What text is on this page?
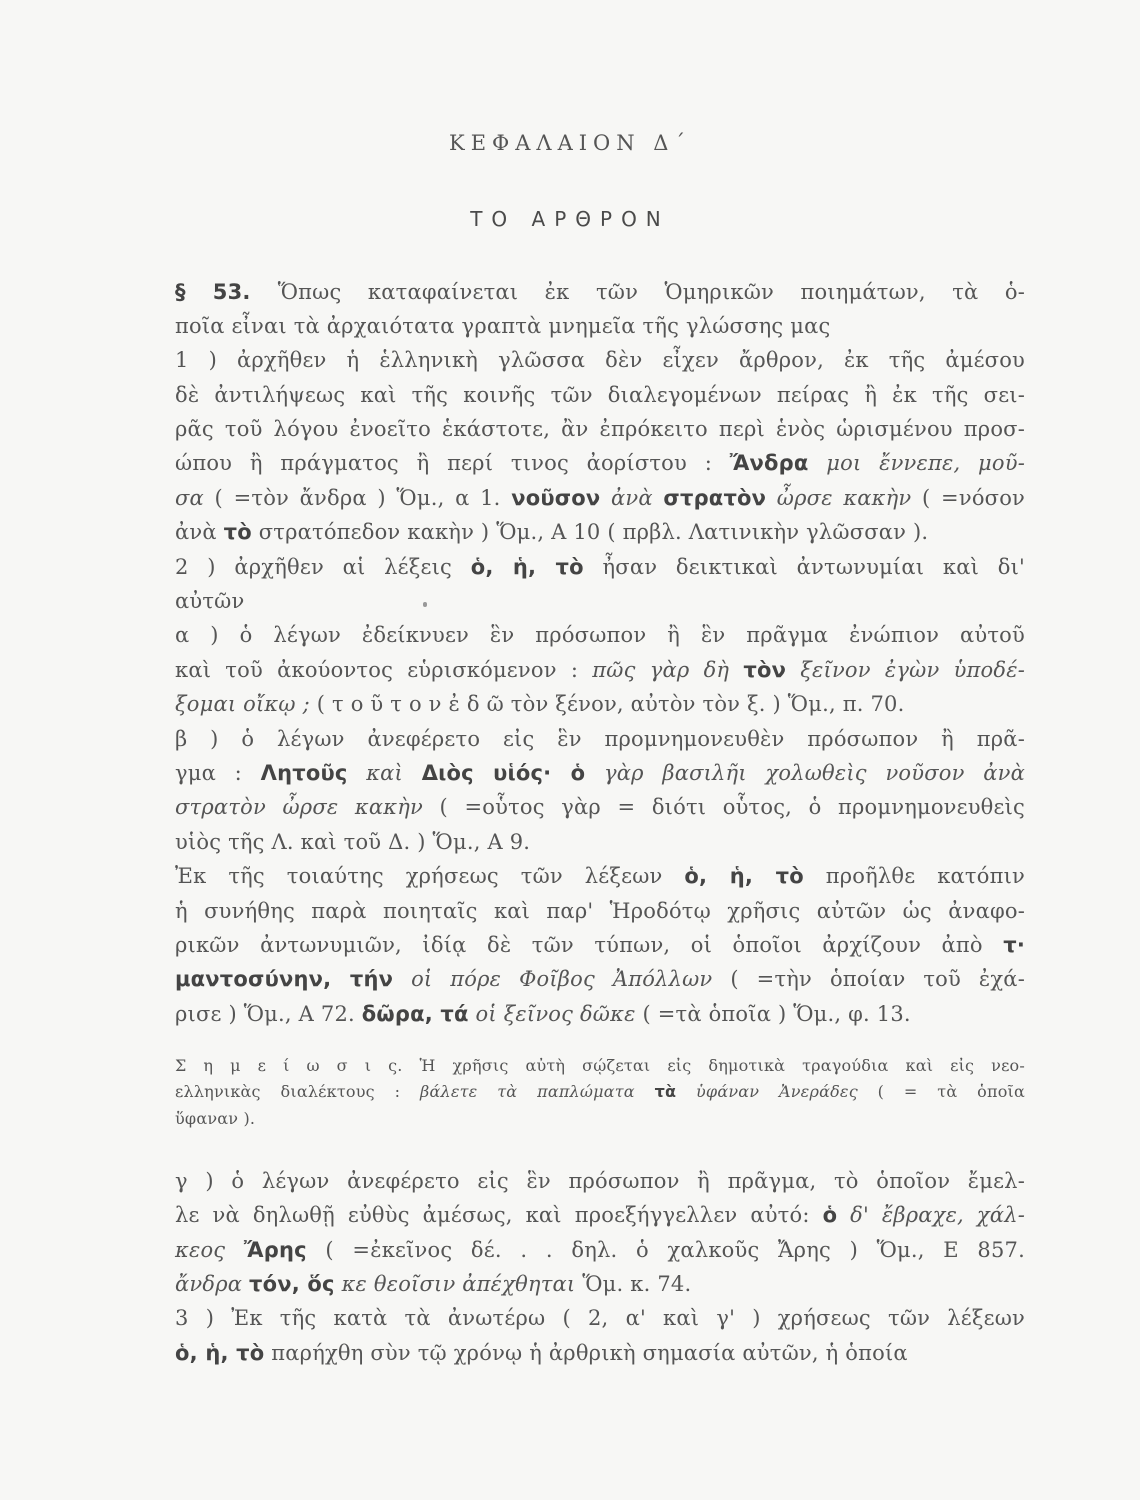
ΚΕΦΑΛΑΙΟΝ Δ΄
ΤΟ ΑΡΘΡΟΝ
§ 53. Ὅπως καταφαίνεται ἐκ τῶν Ὁμηρικῶν ποιημάτων, τὰ ὁ-
ποῖα εἶναι τὰ ἀρχαιότατα γραπτὰ μνημεῖα τῆς γλώσσης μας
1 ) ἀρχῆθεν ἡ ἑλληνικὴ γλῶσσα δὲν εἶχεν ἄρθρον, ἐκ τῆς ἀμέσου
δὲ ἀντιλήψεως καὶ τῆς κοινῆς τῶν διαλεγομένων πείρας ἢ ἐκ τῆς σει-
ρᾶς τοῦ λόγου ἐνοεῖτο ἑκάστοτε, ἂν ἐπρόκειτο περὶ ἑνὸς ὡρισμένου προσ-
ώπου ἢ πράγματος ἢ περί τινος ἀορίστου : Ἄνδρα μοι ἔννεπε, μοῦ-
σα ( =τὸν ἄνδρα ) Ὅμ., α 1. νοῦσον ἀνὰ στρατὸν ὦρσε κακὴν ( =νόσον
ἀνὰ τὸ στρατόπεδον κακὴν ) Ὅμ., Α 10 ( πρβλ. Λατινικὴν γλῶσσαν ).
2 ) ἀρχῆθεν αἱ λέξεις ὁ, ἡ, τὸ ἦσαν δεικτικαὶ ἀντωνυμίαι καὶ δι'
αὐτῶν
α ) ὁ λέγων ἐδείκνυεν ἓν πρόσωπον ἢ ἓν πρᾶγμα ἐνώπιον αὐτοῦ
καὶ τοῦ ἀκούοντος εὑρισκόμενον : πῶς γὰρ δὴ τὸν ξεῖνον ἐγὼν ὑποδέ-
ξομαι οἴκῳ ; ( τ ο ῦ τ ο ν ἐ δ ῶ τὸν ξένον, αὐτὸν τὸν ξ. ) Ὅμ., π. 70.
β ) ὁ λέγων ἀνεφέρετο εἰς ἓν προμνημονευθὲν πρόσωπον ἢ πρᾶ-
γμα : Λητοῦς καὶ Διὸς υἱός· ὁ γὰρ βασιλῆι χολωθεὶς νοῦσον ἀνὰ
στρατὸν ὦρσε κακὴν ( =οὗτος γὰρ = διότι οὗτος, ὁ προμνημονευθεὶς
υἱὸς τῆς Λ. καὶ τοῦ Δ. ) Ὅμ., Α 9.
Ἐκ τῆς τοιαύτης χρήσεως τῶν λέξεων ὁ, ἡ, τὸ προῆλθε κατόπιν
ἡ συνήθης παρὰ ποιηταῖς καὶ παρ' Ἡροδότῳ χρῆσις αὐτῶν ὡς ἀναφο-
ρικῶν ἀντωνυμιῶν, ἰδίᾳ δὲ τῶν τύπων, οἱ ὁποῖοι ἀρχίζουν ἀπὸ τ·
μαντοσύνην, τήν οἱ πόρε Φοῖβος Ἀπόλλων ( =τὴν ὁποίαν τοῦ ἐχά-
ρισε ) Ὅμ., Α 72. δῶρα, τά οἱ ξεῖνος δῶκε ( =τὰ ὁποῖα ) Ὅμ., φ. 13.
γ ) ὁ λέγων ἀνεφέρετο εἰς ἓν πρόσωπον ἢ πρᾶγμα, τὸ ὁποῖον ἔμελ-
λε νὰ δηλωθῇ εὐθὺς ἀμέσως, καὶ προεξήγγελλεν αὐτό: ὁ δ' ἔβραχε, χάλ-
κεος Ἄρης ( =ἐκεῖνος δέ. . . δηλ. ὁ χαλκοῦς Ἄρης ) Ὅμ., Ε 857.
ἄνδρα τόν, ὅς κε θεοῖσιν ἀπέχθηται Ὅμ. κ. 74.
3 ) Ἐκ τῆς κατὰ τὰ ἀνωτέρω ( 2, α' καὶ γ' ) χρήσεως τῶν λέξεων
ὁ, ἡ, τὸ παρήχθη σὺν τῷ χρόνῳ ἡ ἀρθρικὴ σημασία αὐτῶν, ἡ ὁποία
Σ η μ ε ί ω σ ι ς. Ἡ χρῆσις αὐτὴ σῴζεται εἰς δημοτικὰ τραγούδια καὶ εἰς νεο-
ελληνικὰς διαλέκτους : βάλετε τὰ παπλώματα τὰ ὑφάναν Ἀνεράδες ( = τὰ ὁποῖα
ὕφαναν ).
